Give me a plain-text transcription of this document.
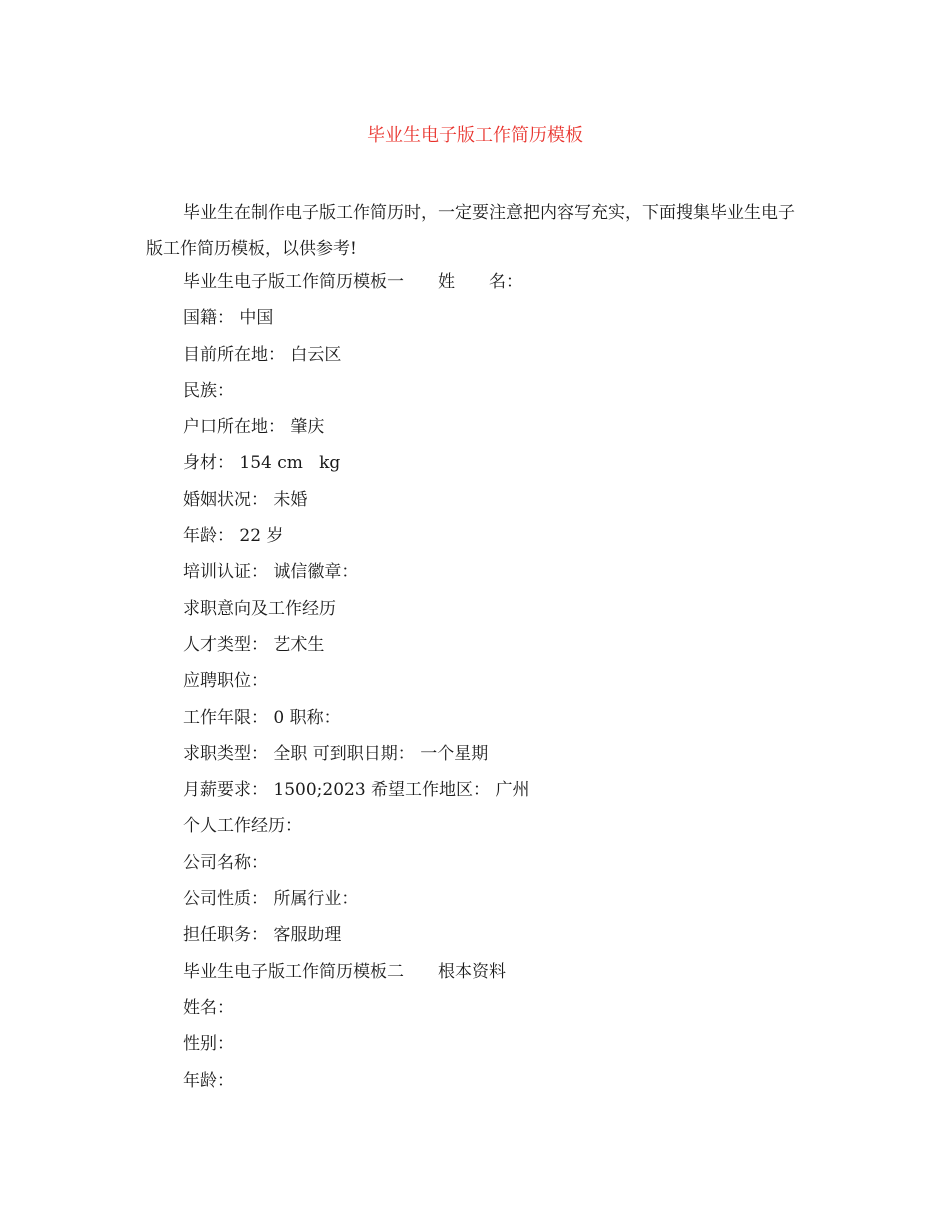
毕业生电子版工作简历模板

毕业生在制作电子版工作简历时，一定要注意把内容写充实，下面搜集毕业生电子版工作简历模板，以供参考!

毕业生电子版工作简历模板一　　姓　　名：
国籍： 中国
目前所在地： 白云区
民族：
户口所在地： 肇庆
身材： 154 cm   kg
婚姻状况： 未婚
年龄： 22 岁
培训认证： 诚信徽章：
求职意向及工作经历
人才类型： 艺术生
应聘职位：
工作年限： 0 职称：
求职类型： 全职 可到职日期： 一个星期
月薪要求： 1500;2023 希望工作地区： 广州
个人工作经历：
公司名称：
公司性质： 所属行业：
担任职务： 客服助理
毕业生电子版工作简历模板二　　根本资料
姓名：
性别：
年龄：
